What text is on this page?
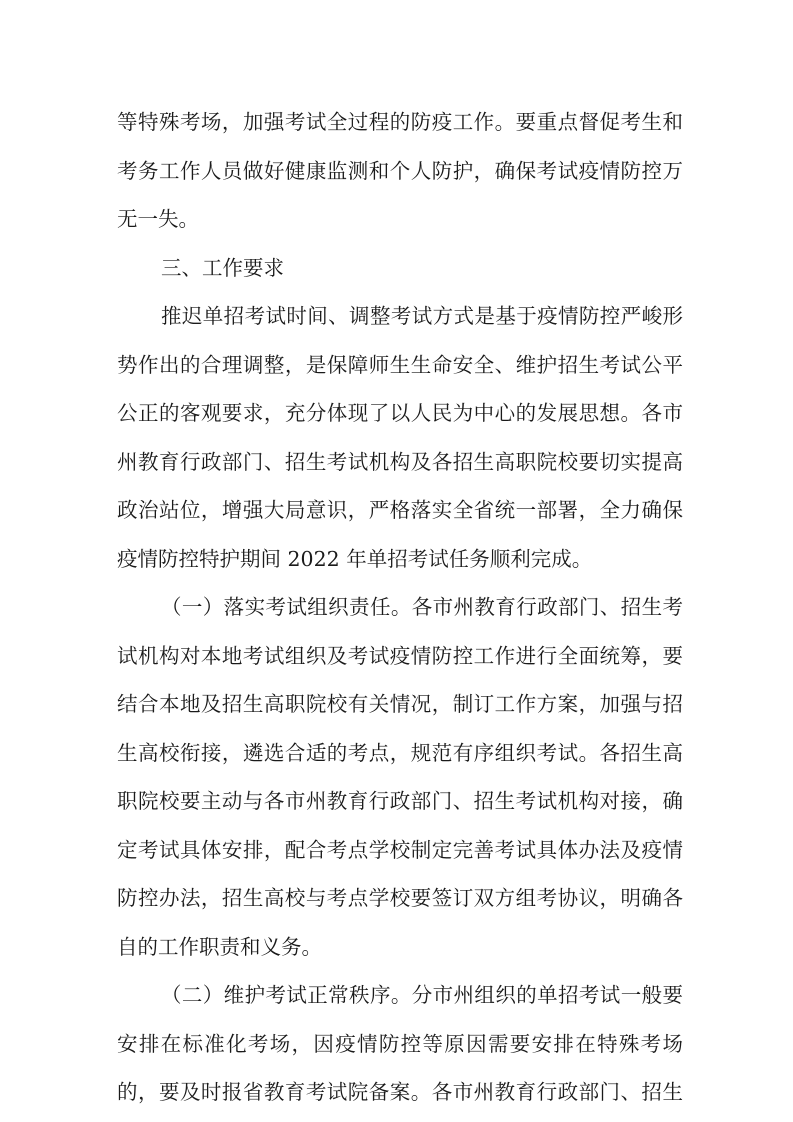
等特殊考场，加强考试全过程的防疫工作。要重点督促考生和
考务工作人员做好健康监测和个人防护，确保考试疫情防控万
无一失。
三、工作要求
推迟单招考试时间、调整考试方式是基于疫情防控严峻形
势作出的合理调整，是保障师生生命安全、维护招生考试公平
公正的客观要求，充分体现了以人民为中心的发展思想。各市
州教育行政部门、招生考试机构及各招生高职院校要切实提高
政治站位，增强大局意识，严格落实全省统一部署，全力确保
疫情防控特护期间 2022 年单招考试任务顺利完成。
（一）落实考试组织责任。各市州教育行政部门、招生考
试机构对本地考试组织及考试疫情防控工作进行全面统筹，要
结合本地及招生高职院校有关情况，制订工作方案，加强与招
生高校衔接，遴选合适的考点，规范有序组织考试。各招生高
职院校要主动与各市州教育行政部门、招生考试机构对接，确
定考试具体安排，配合考点学校制定完善考试具体办法及疫情
防控办法，招生高校与考点学校要签订双方组考协议，明确各
自的工作职责和义务。
（二）维护考试正常秩序。分市州组织的单招考试一般要
安排在标准化考场，因疫情防控等原因需要安排在特殊考场
的，要及时报省教育考试院备案。各市州教育行政部门、招生
